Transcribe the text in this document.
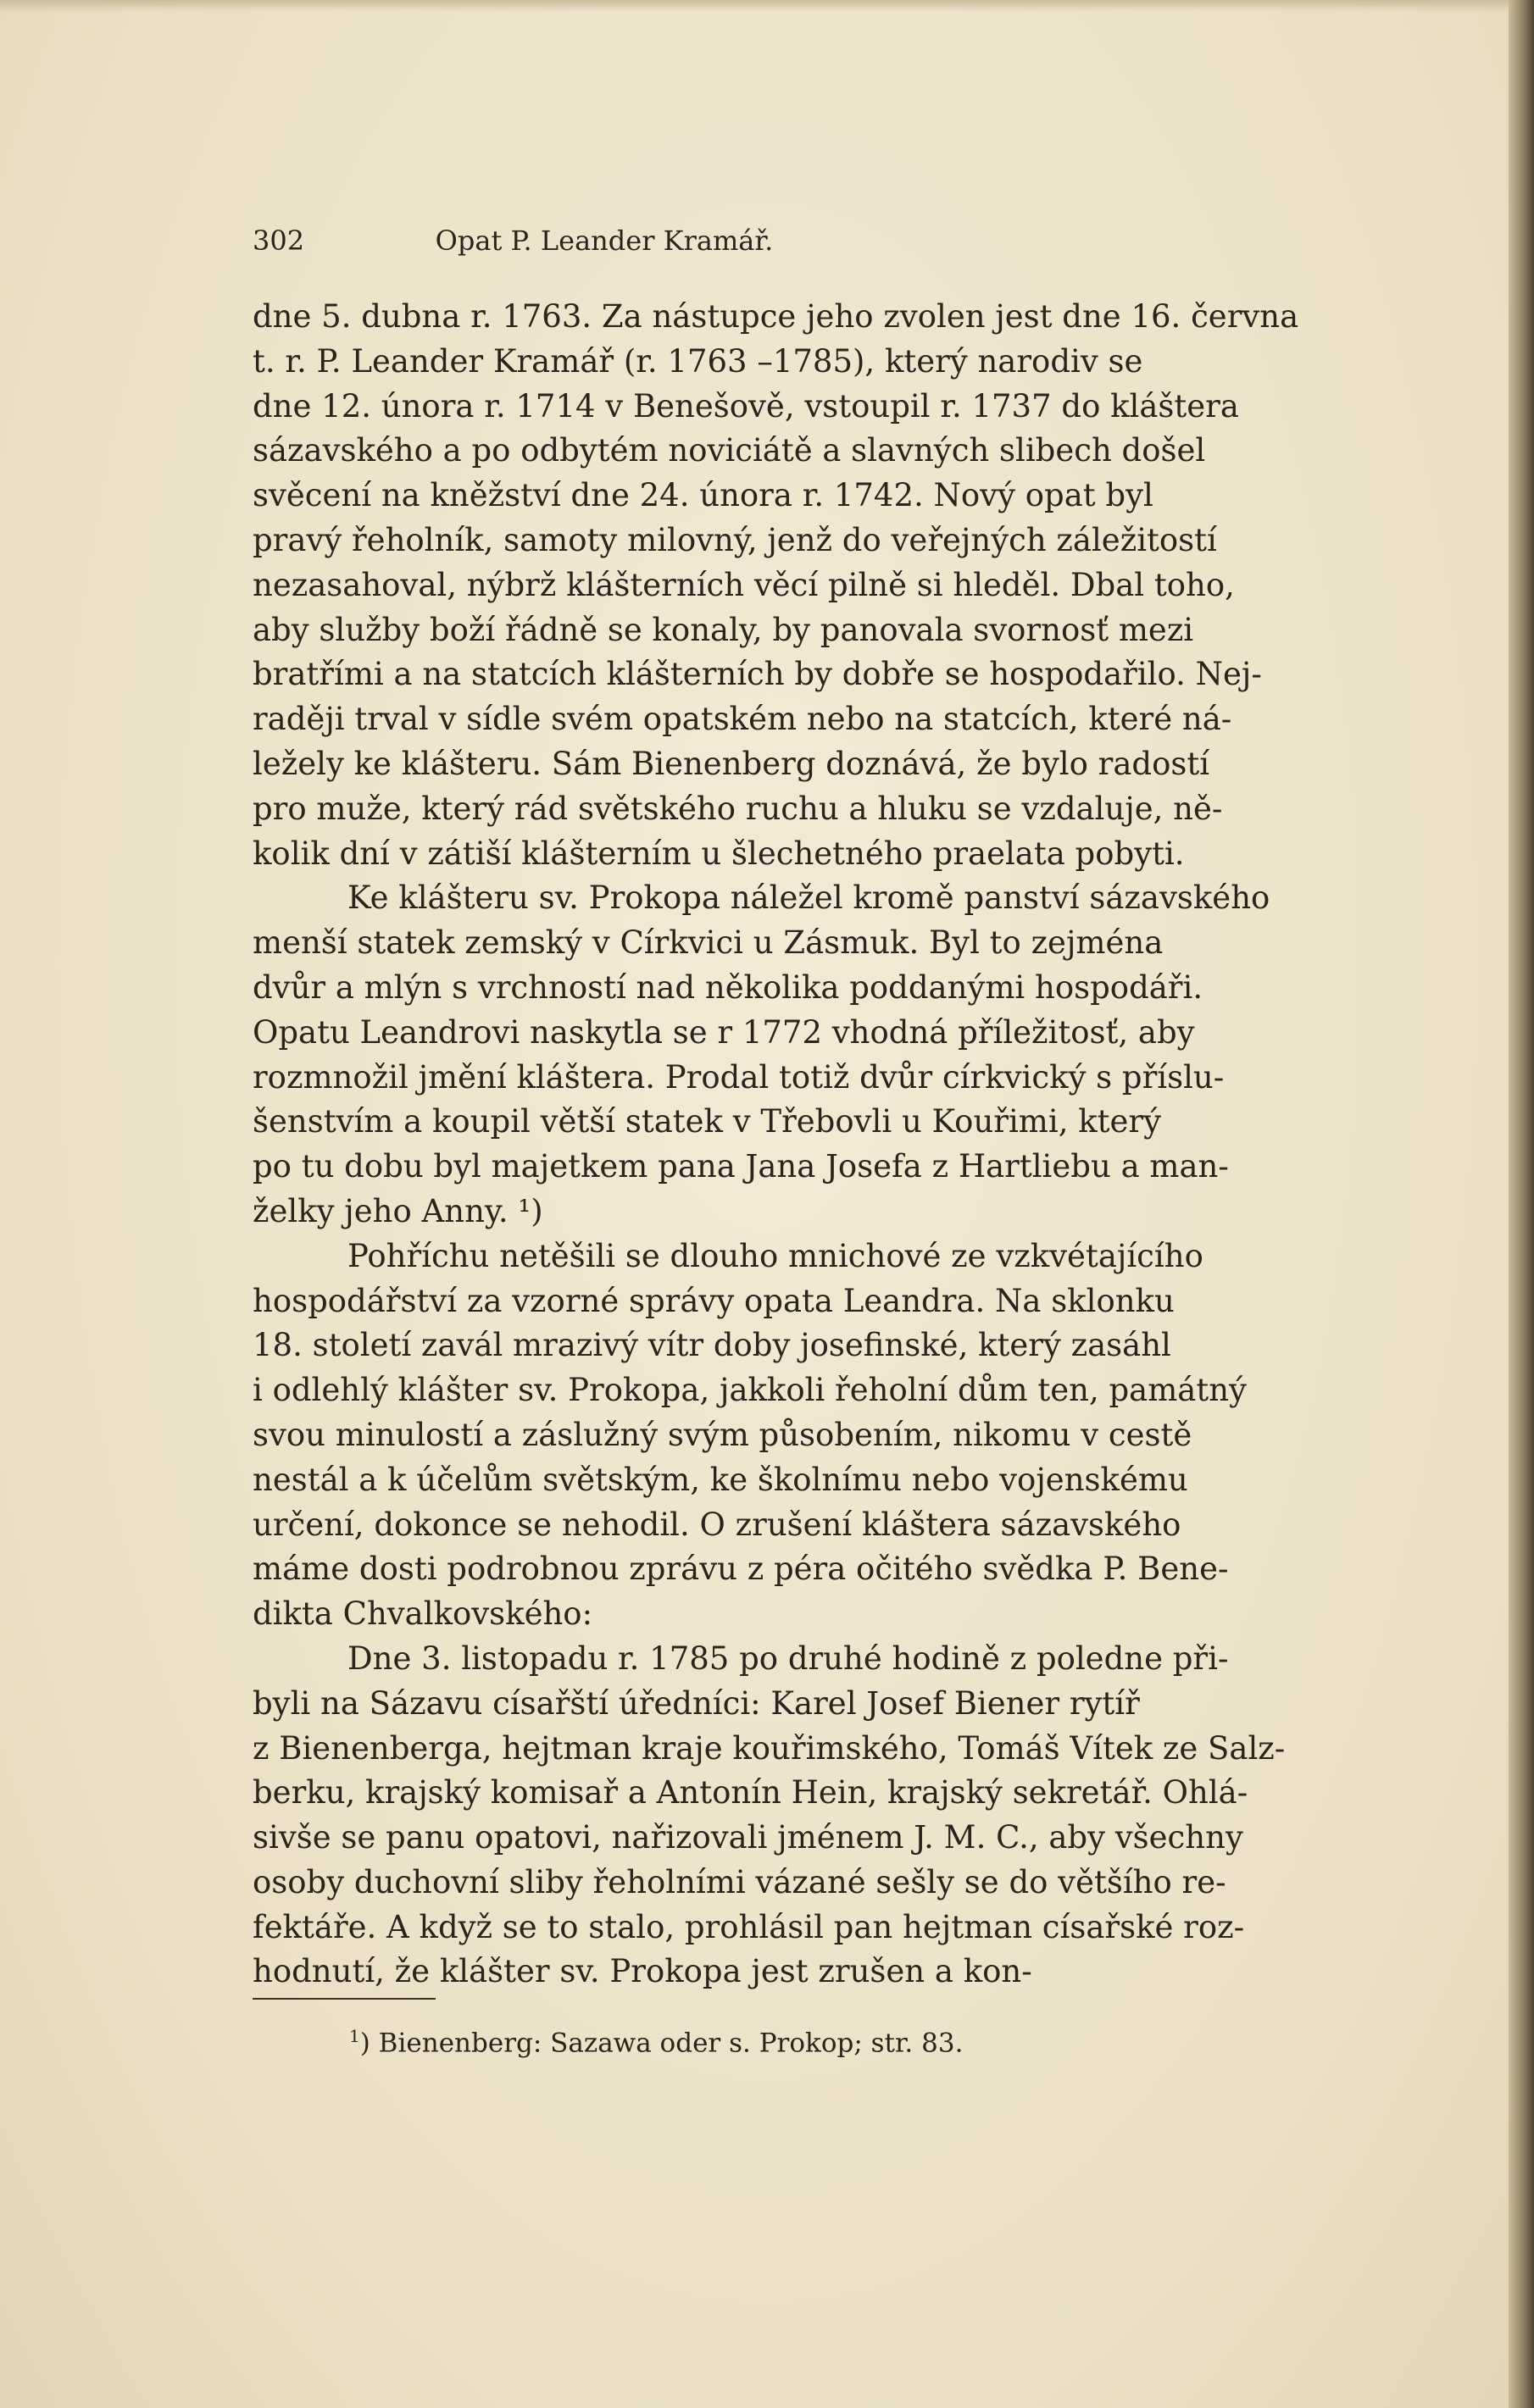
302	Opat P. Leander Kramář.
dne 5. dubna r. 1763. Za nástupce jeho zvolen jest dne 16. června
t. r. P. Leander Kramář (r. 1763 –1785), který narodiv se
dne 12. února r. 1714 v Benešově, vstoupil r. 1737 do kláštera
sázavského a po odbytém noviciátě a slavných slibech došel
svěcení na kněžství dne 24. února r. 1742. Nový opat byl
pravý řeholník, samoty milovný, jenž do veřejných záležitostí
nezasahoval, nýbrž klášterních věcí pilně si hleděl. Dbal toho,
aby služby boží řádně se konaly, by panovala svornosť mezi
bratřími a na statcích klášterních by dobře se hospodařilo. Nej-
raději trval v sídle svém opatském nebo na statcích, které ná-
ležely ke klášteru. Sám Bienenberg doznává, že bylo radostí
pro muže, který rád světského ruchu a hluku se vzdaluje, ně-
kolik dní v zátiší klášterním u šlechetného praelata pobyti.
Ke klášteru sv. Prokopa náležel kromě panství sázavského
menší statek zemský v Církvici u Zásmuk. Byl to zejména
dvůr a mlýn s vrchností nad několika poddanými hospodáři.
Opatu Leandrovi naskytla se r 1772 vhodná příležitosť, aby
rozmnožil jmění kláštera. Prodal totiž dvůr církvický s příslu-
šenstvím a koupil větší statek v Třebovli u Kouřimi, který
po tu dobu byl majetkem pana Jana Josefa z Hartliebu a man-
želky jeho Anny. ¹)
Pohříchu netěšili se dlouho mnichové ze vzkvétajícího
hospodářství za vzorné správy opata Leandra. Na sklonku
18. století zavál mrazivý vítr doby josefinské, který zasáhl
i odlehlý klášter sv. Prokopa, jakkoli řeholní dům ten, památný
svou minulostí a záslužný svým působením, nikomu v cestě
nestál a k účelům světským, ke školnímu nebo vojenskému
určení, dokonce se nehodil. O zrušení kláštera sázavského
máme dosti podrobnou zprávu z péra očitého svědka P. Bene-
dikta Chvalkovského:
Dne 3. listopadu r. 1785 po druhé hodině z poledne při-
byli na Sázavu císařští úředníci: Karel Josef Biener rytíř
z Bienenberga, hejtman kraje kouřimského, Tomáš Vítek ze Salz-
berku, krajský komisař a Antonín Hein, krajský sekretář. Ohlá-
sivše se panu opatovi, nařizovali jménem J. M. C., aby všechny
osoby duchovní sliby řeholními vázané sešly se do většího re-
fektáře. A když se to stalo, prohlásil pan hejtman císařské roz-
hodnutí, že klášter sv. Prokopa jest zrušen a kon-
$^1$) Bienenberg: Sazawa oder s. Prokop; str. 83.
